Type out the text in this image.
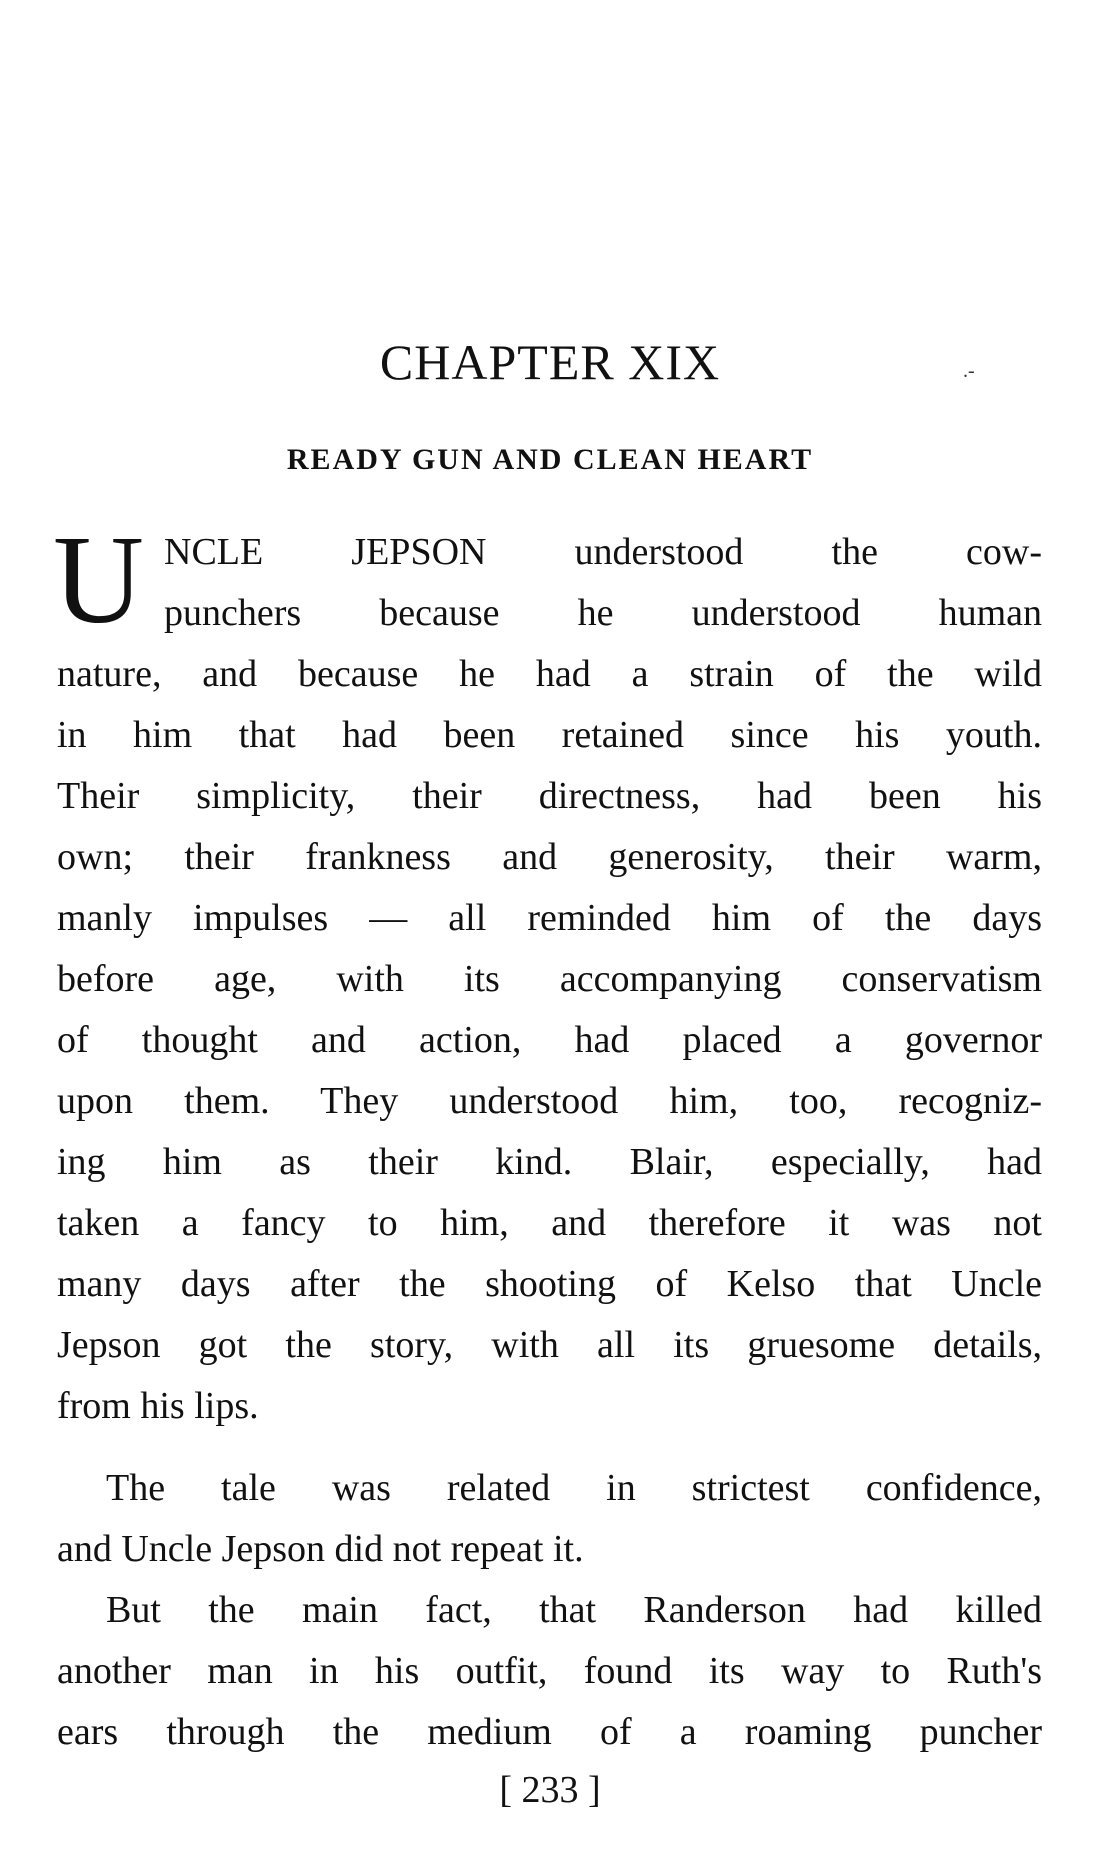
CHAPTER XIX	.-
READY GUN AND CLEAN HEART
U NCLE JEPSON understood the cow-
punchers because he understood human
nature, and because he had a strain of the wild
in him that had been retained since his youth.
Their simplicity, their directness, had been his
own; their frankness and generosity, their warm,
manly impulses — all reminded him of the days
before age, with its accompanying conservatism
of thought and action, had placed a governor
upon them. They understood him, too, recogniz-
ing him as their kind. Blair, especially, had
taken a fancy to him, and therefore it was not
many days after the shooting of Kelso that Uncle
Jepson got the story, with all its gruesome details,
from his lips.
The tale was related in strictest confidence,
and Uncle Jepson did not repeat it.
But the main fact, that Randerson had killed
another man in his outfit, found its way to Ruth's
ears through the medium of a roaming puncher

[ 233 ]
